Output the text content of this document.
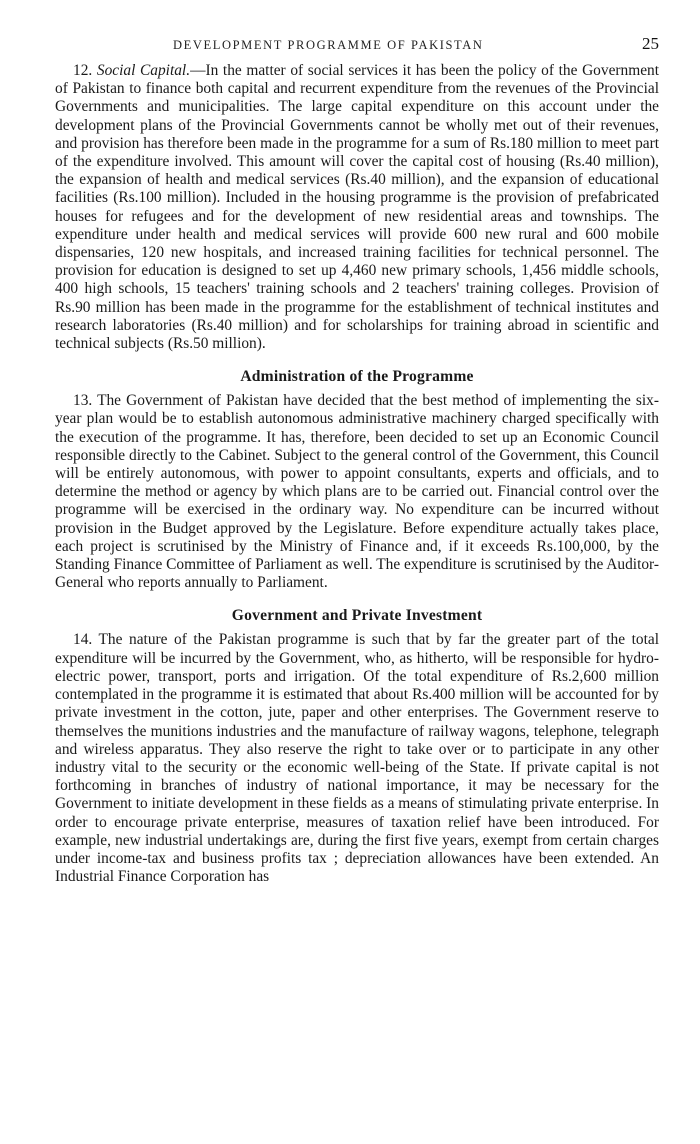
DEVELOPMENT PROGRAMME OF PAKISTAN	25

12. Social Capital.—In the matter of social services it has been the policy of the Government of Pakistan to finance both capital and recurrent expenditure from the revenues of the Provincial Governments and municipalities. The large capital expenditure on this account under the development plans of the Provincial Governments cannot be wholly met out of their revenues, and provision has therefore been made in the programme for a sum of Rs.180 million to meet part of the expenditure involved. This amount will cover the capital cost of housing (Rs.40 million), the expansion of health and medical services (Rs.40 million), and the expansion of educational facilities (Rs.100 million). Included in the housing programme is the provision of prefabricated houses for refugees and for the development of new residential areas and townships. The expenditure under health and medical services will provide 600 new rural and 600 mobile dispensaries, 120 new hospitals, and increased training facilities for technical personnel. The provision for education is designed to set up 4,460 new primary schools, 1,456 middle schools, 400 high schools, 15 teachers' training schools and 2 teachers' training colleges. Provision of Rs.90 million has been made in the programme for the establishment of technical institutes and research laboratories (Rs.40 million) and for scholarships for training abroad in scientific and technical subjects (Rs.50 million).

Administration of the Programme

13. The Government of Pakistan have decided that the best method of implementing the six-year plan would be to establish autonomous administrative machinery charged specifically with the execution of the programme. It has, therefore, been decided to set up an Economic Council responsible directly to the Cabinet. Subject to the general control of the Government, this Council will be entirely autonomous, with power to appoint consultants, experts and officials, and to determine the method or agency by which plans are to be carried out. Financial control over the programme will be exercised in the ordinary way. No expenditure can be incurred without provision in the Budget approved by the Legislature. Before expenditure actually takes place, each project is scrutinised by the Ministry of Finance and, if it exceeds Rs.100,000, by the Standing Finance Committee of Parliament as well. The expenditure is scrutinised by the Auditor-General who reports annually to Parliament.

Government and Private Investment

14. The nature of the Pakistan programme is such that by far the greater part of the total expenditure will be incurred by the Government, who, as hitherto, will be responsible for hydro-electric power, transport, ports and irrigation. Of the total expenditure of Rs.2,600 million contemplated in the programme it is estimated that about Rs.400 million will be accounted for by private investment in the cotton, jute, paper and other enterprises. The Government reserve to themselves the munitions industries and the manufacture of railway wagons, telephone, telegraph and wireless apparatus. They also reserve the right to take over or to participate in any other industry vital to the security or the economic well-being of the State. If private capital is not forthcoming in branches of industry of national importance, it may be necessary for the Government to initiate development in these fields as a means of stimulating private enterprise. In order to encourage private enterprise, measures of taxation relief have been introduced. For example, new industrial undertakings are, during the first five years, exempt from certain charges under income-tax and business profits tax ; depreciation allowances have been extended. An Industrial Finance Corporation has
